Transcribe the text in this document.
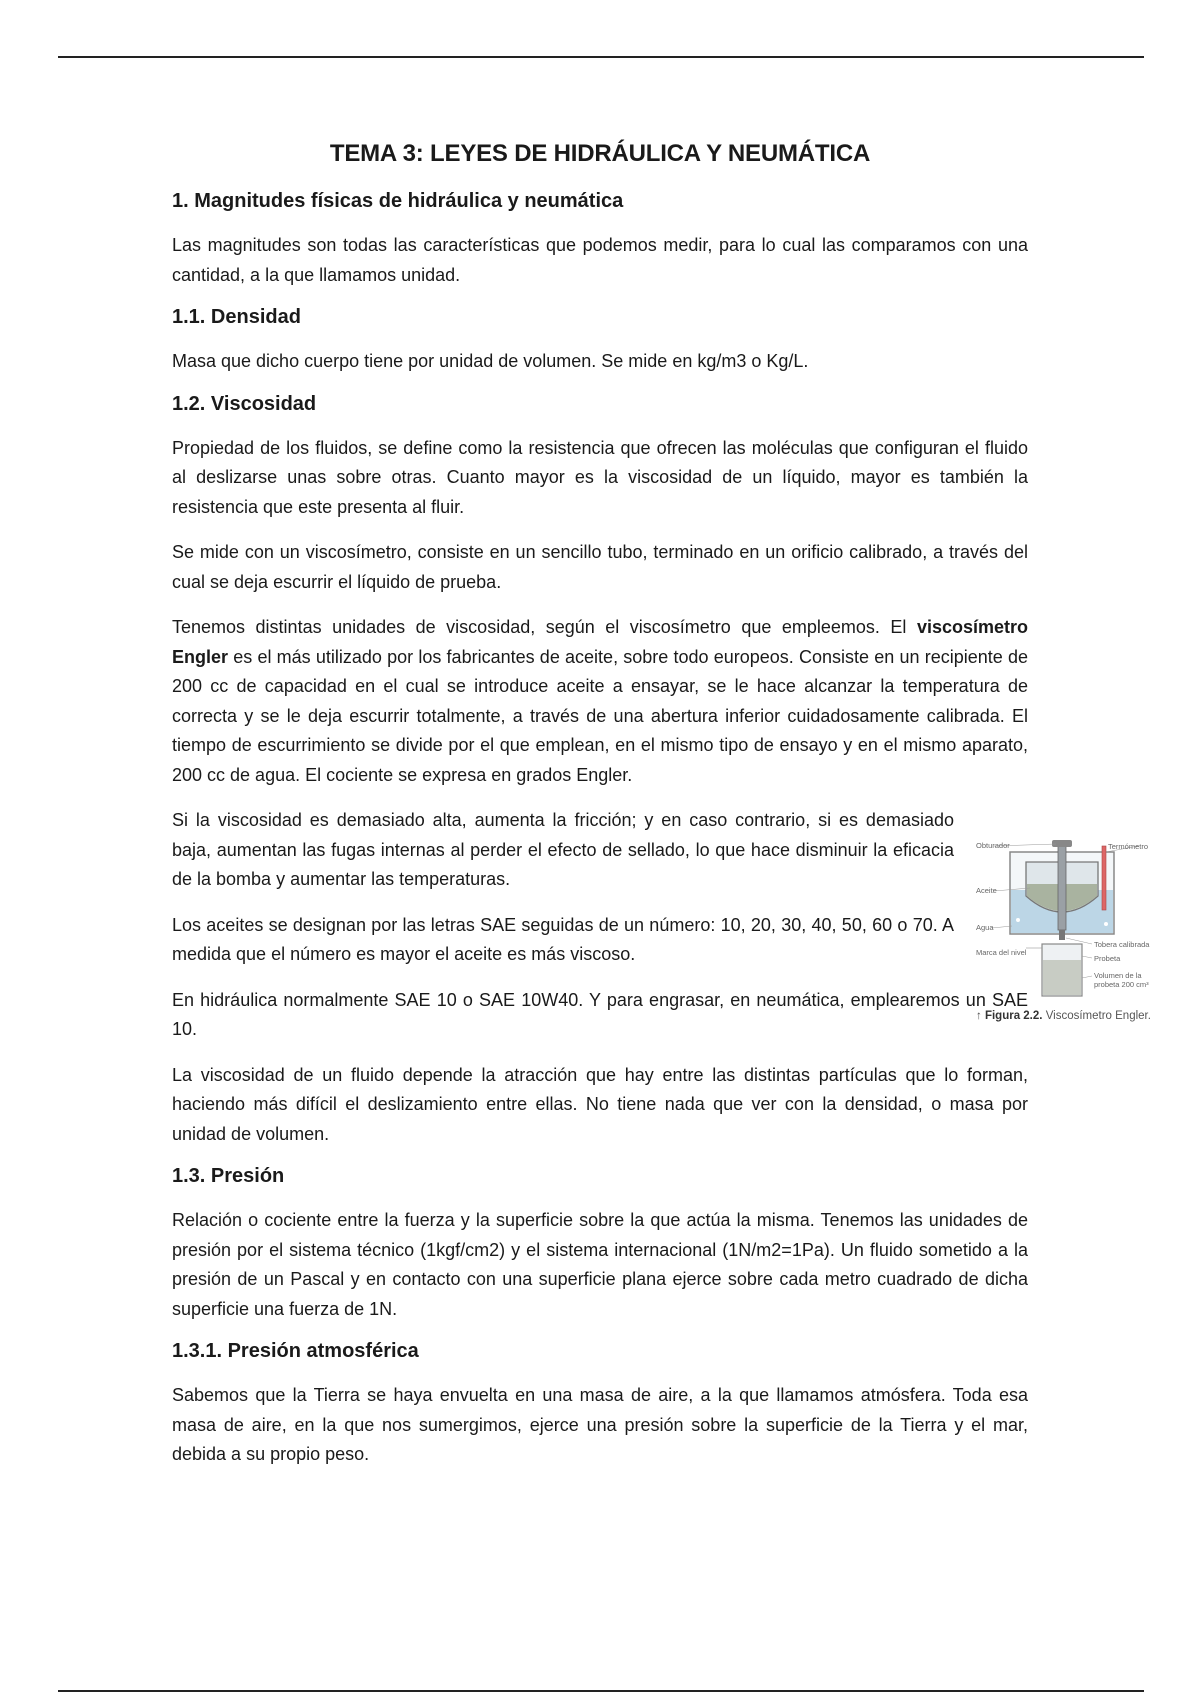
TEMA 3: LEYES DE HIDRÁULICA Y NEUMÁTICA
1. Magnitudes físicas de hidráulica y neumática

Las magnitudes son todas las características que podemos medir, para lo cual las comparamos con una cantidad, a la que llamamos unidad.

1.1. Densidad

Masa que dicho cuerpo tiene por unidad de volumen. Se mide en kg/m3 o Kg/L.

1.2. Viscosidad

Propiedad de los fluidos, se define como la resistencia que ofrecen las moléculas que configuran el fluido al deslizarse unas sobre otras. Cuanto mayor es la viscosidad de un líquido, mayor es también la resistencia que este presenta al fluir.

Se mide con un viscosímetro, consiste en un sencillo tubo, terminado en un orificio calibrado, a través del cual se deja escurrir el líquido de prueba.

Tenemos distintas unidades de viscosidad, según el viscosímetro que empleemos. El viscosímetro Engler es el más utilizado por los fabricantes de aceite, sobre todo europeos. Consiste en un recipiente de 200 cc de capacidad en el cual se introduce aceite a ensayar, se le hace alcanzar la temperatura de correcta y se le deja escurrir totalmente, a través de una abertura inferior cuidadosamente calibrada. El tiempo de escurrimiento se divide por el que emplean, en el mismo tipo de ensayo y en el mismo aparato, 200 cc de agua. El cociente se expresa en grados Engler.

Si la viscosidad es demasiado alta, aumenta la fricción; y en caso contrario, si es demasiado baja, aumentan las fugas internas al perder el efecto de sellado, lo que hace disminuir la eficacia de la bomba y aumentar las temperaturas.

Los aceites se designan por las letras SAE seguidas de un número: 10, 20, 30, 40, 50, 60 o 70. A medida que el número es mayor el aceite es más viscoso.

En hidráulica normalmente SAE 10 o SAE 10W40. Y para engrasar, en neumática, emplearemos un SAE 10.

La viscosidad de un fluido depende la atracción que hay entre las distintas partículas que lo forman, haciendo más difícil el deslizamiento entre ellas. No tiene nada que ver con la densidad, o masa por unidad de volumen.

1.3. Presión

Relación o cociente entre la fuerza y la superficie sobre la que actúa la misma. Tenemos las unidades de presión por el sistema técnico (1kgf/cm2) y el sistema internacional (1N/m2=1Pa). Un fluido sometido a la presión de un Pascal y en contacto con una superficie plana ejerce sobre cada metro cuadrado de dicha superficie una fuerza de 1N.

1.3.1. Presión atmosférica

Sabemos que la Tierra se haya envuelta en una masa de aire, a la que llamamos atmósfera. Toda esa masa de aire, en la que nos sumergimos, ejerce una presión sobre la superficie de la Tierra y el mar, debida a su propio peso.

Obturador	Termómetro
Aceite
Agua
Marca del nivel
Tobera calibrada
Probeta
Volumen de la
probeta 200 cm³
↑ Figura 2.2. Viscosímetro Engler.
